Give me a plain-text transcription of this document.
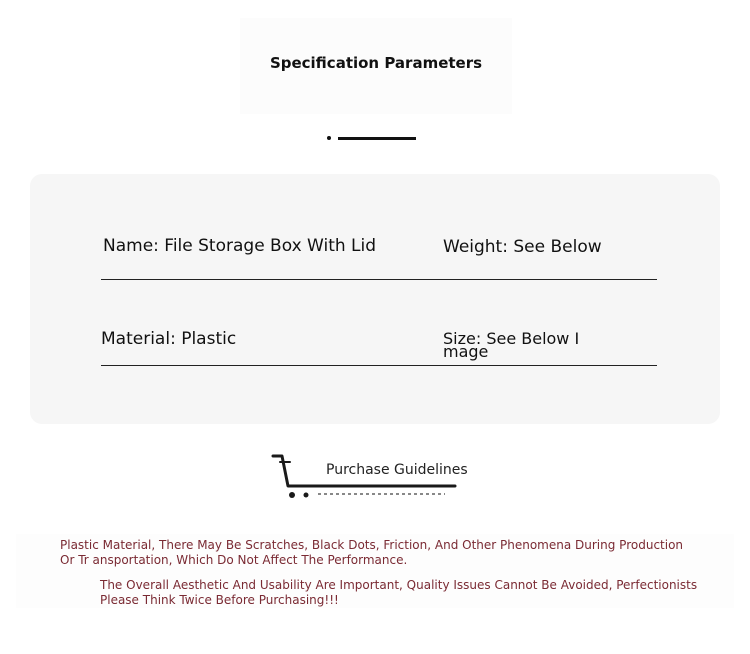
Specification Parameters
Name: File Storage Box With Lid	Weight: See Below
Material: Plastic	Size: See Below I mage
Purchase Guidelines
Plastic Material, There May Be Scratches, Black Dots, Friction, And Other Phenomena During Production Or Tr ansportation, Which Do Not Affect The Performance.
The Overall Aesthetic And Usability Are Important, Quality Issues Cannot Be Avoided, Perfectionists Please Think Twice Before Purchasing!!!
